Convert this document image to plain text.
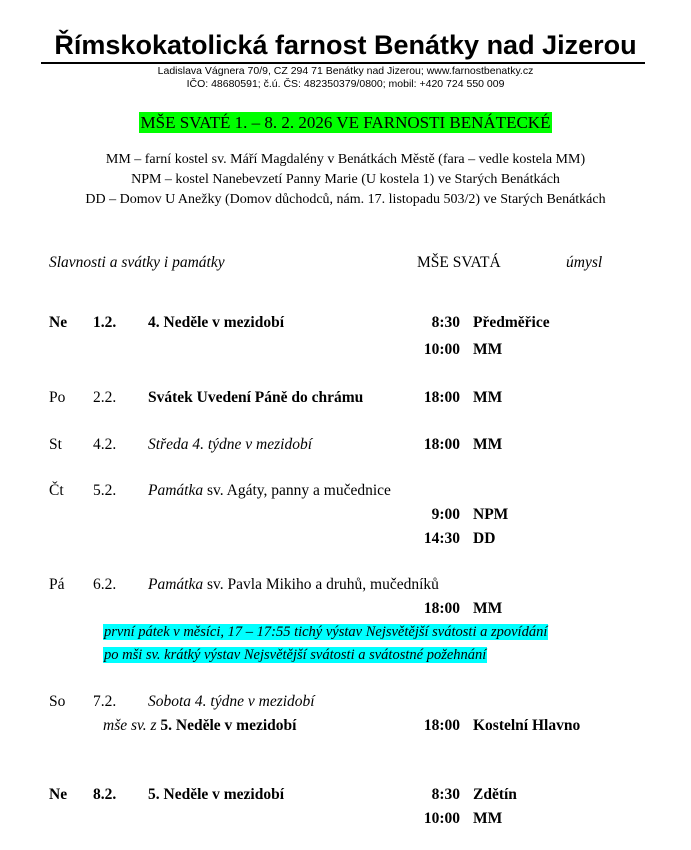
Římskokatolická farnost Benátky nad Jizerou
Ladislava Vágnera 70/9, CZ 294 71 Benátky nad Jizerou; www.farnostbenatky.cz
IČO: 48680591; č.ú. ČS: 482350379/0800; mobil: +420 724 550 009
MŠE SVATÉ 1. – 8. 2. 2026 VE FARNOSTI BENÁTECKÉ
MM – farní kostel sv. Máří Magdalény v Benátkách Městě (fara – vedle kostela MM)
NPM – kostel Nanebevzetí Panny Marie (U kostela 1) ve Starých Benátkách
DD – Domov U Anežky (Domov důchodců, nám. 17. listopadu 503/2) ve Starých Benátkách
Slavnosti a svátky i památky	MŠE SVATÁ	úmysl
Ne 1.2. 4. Neděle v mezidobí	8:30 Předměřice
10:00 MM
Po 2.2. Svátek Uvedení Páně do chrámu	18:00 MM
St 4.2. Středa 4. týdne v mezidobí	18:00 MM
Čt 5.2. Památka sv. Agáty, panny a mučednice
9:00 NPM
14:30 DD
Pá 6.2. Památka sv. Pavla Mikiho a druhů, mučedníků
18:00 MM
první pátek v měsíci, 17 – 17:55 tichý výstav Nejsvětější svátosti a zpovídání
po mši sv. krátký výstav Nejsvětější svátosti a svátostné požehnání
So 7.2. Sobota 4. týdne v mezidobí
mše sv. z 5. Neděle v mezidobí	18:00 Kostelní Hlavno
Ne 8.2. 5. Neděle v mezidobí	8:30 Zdětín
10:00 MM
